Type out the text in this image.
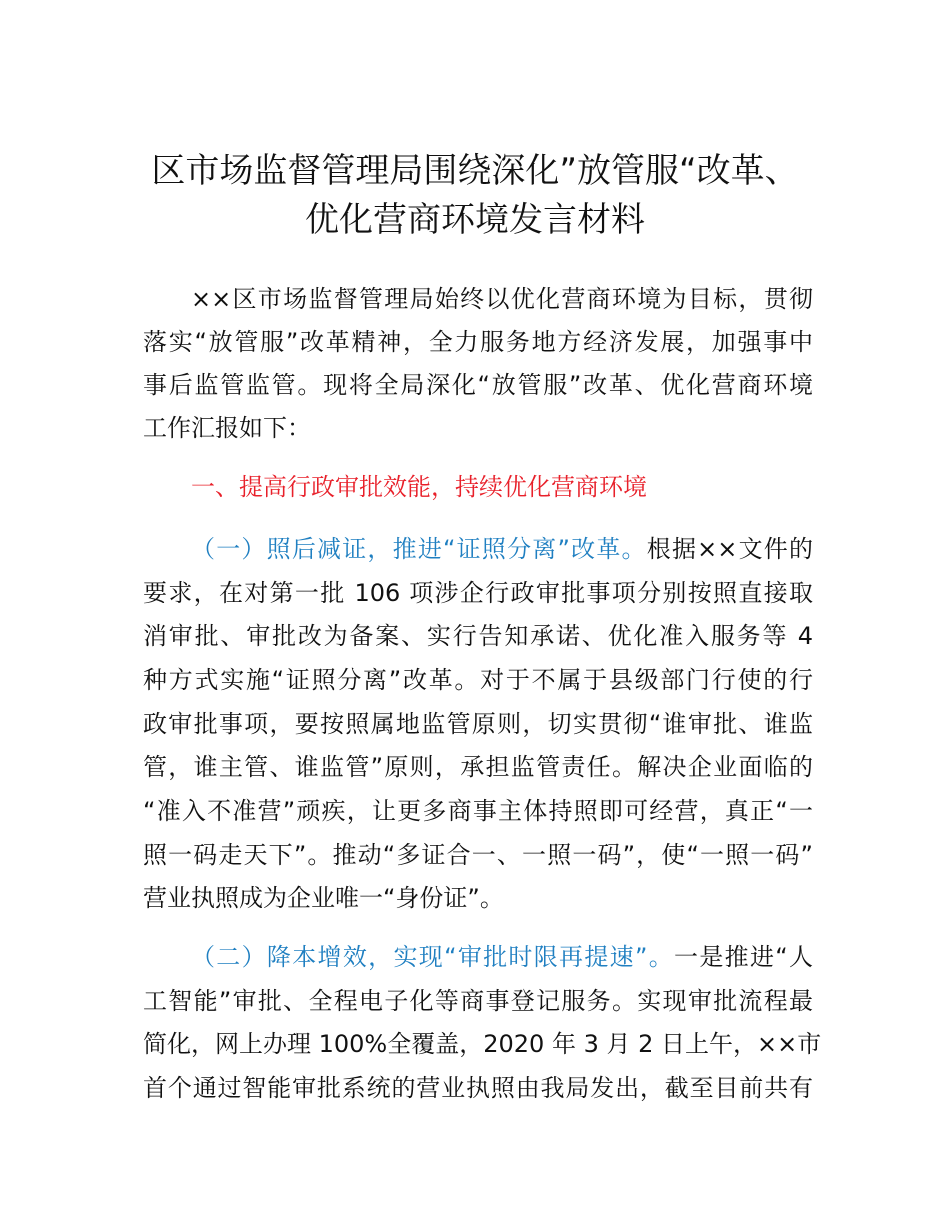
区市场监督管理局围绕深化”放管服“改革、
优化营商环境发言材料
××区市场监督管理局始终以优化营商环境为目标，贯彻
落实“放管服”改革精神，全力服务地方经济发展，加强事中
事后监管监管。现将全局深化“放管服”改革、优化营商环境
工作汇报如下：
一、提高行政审批效能，持续优化营商环境
（一）照后减证，推进“证照分离”改革。根据××文件的
要求，在对第一批 106 项涉企行政审批事项分别按照直接取
消审批、审批改为备案、实行告知承诺、优化准入服务等 4
种方式实施“证照分离”改革。对于不属于县级部门行使的行
政审批事项，要按照属地监管原则，切实贯彻“谁审批、谁监
管，谁主管、谁监管”原则，承担监管责任。解决企业面临的
“准入不准营”顽疾，让更多商事主体持照即可经营，真正“一
照一码走天下”。推动“多证合一、一照一码”，使“一照一码”
营业执照成为企业唯一“身份证”。
（二）降本增效，实现“审批时限再提速”。一是推进“人
工智能”审批、全程电子化等商事登记服务。实现审批流程最
简化，网上办理 100%全覆盖，2020 年 3 月 2 日上午，××市
首个通过智能审批系统的营业执照由我局发出，截至目前共有
